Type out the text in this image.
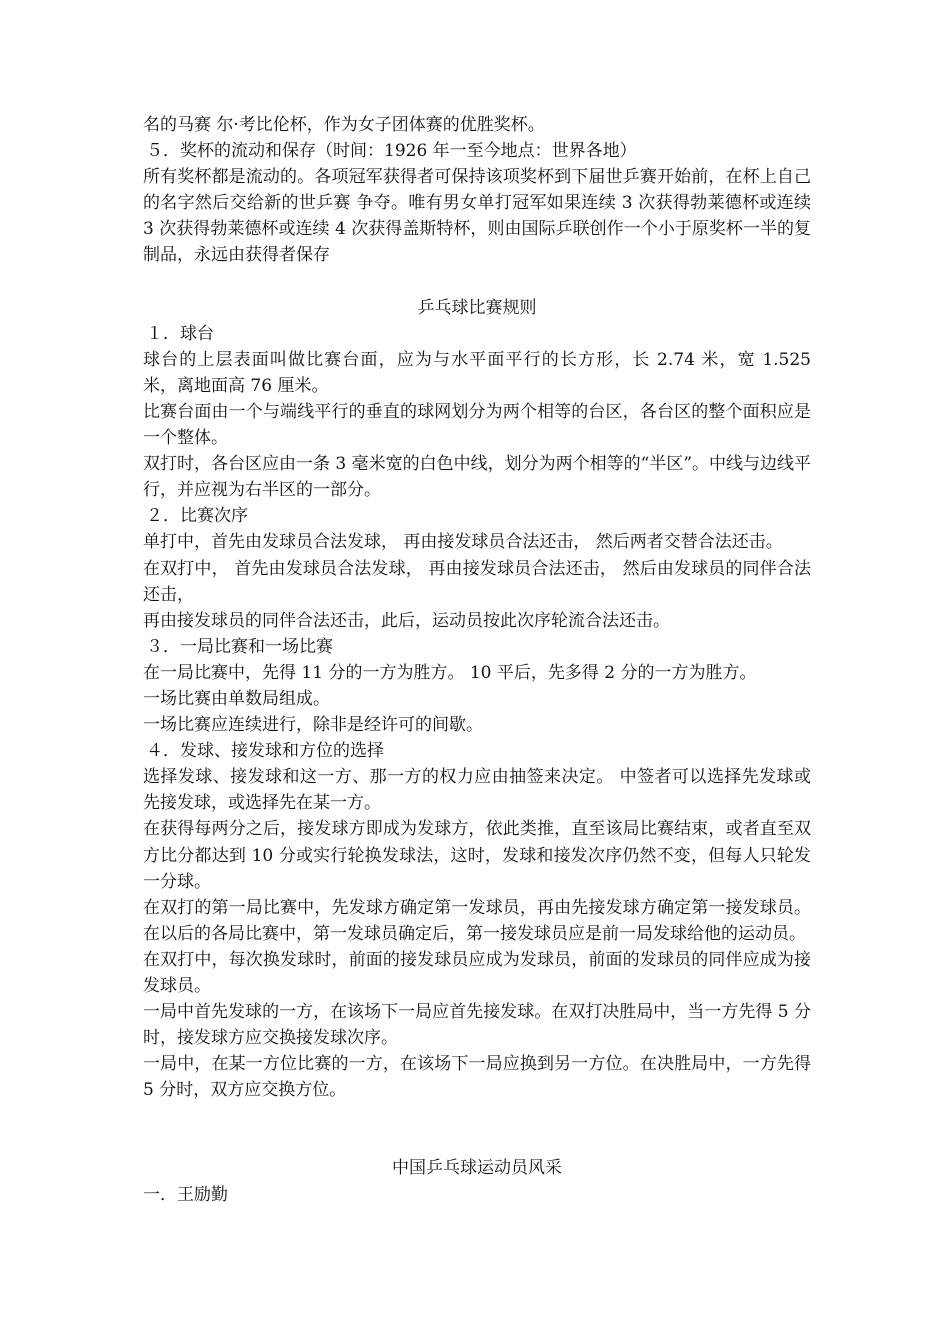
名的马赛 尔·考比伦杯，作为女子团体赛的优胜奖杯。

５．奖杯的流动和保存（时间：1926 年一至今地点：世界各地）

所有奖杯都是流动的。各项冠军获得者可保持该项奖杯到下届世乒赛开始前，在杯上自己的名字然后交给新的世乒赛 争夺。唯有男女单打冠军如果连续 3 次获得勃莱德杯或连续 3 次获得勃莱德杯或连续 4 次获得盖斯特杯，则由国际乒联创作一个小于原奖杯一半的复制品，永远由获得者保存

乒乓球比赛规则

１．球台

球台的上层表面叫做比赛台面，应为与水平面平行的长方形，长 2.74 米，宽 1.525 米，离地面高 76 厘米。

比赛台面由一个与端线平行的垂直的球网划分为两个相等的台区，各台区的整个面积应是一个整体。

双打时，各台区应由一条 3 毫米宽的白色中线，划分为两个相等的“半区”。中线与边线平行，并应视为右半区的一部分。

２．比赛次序

单打中，首先由发球员合法发球， 再由接发球员合法还击， 然后两者交替合法还击。

在双打中， 首先由发球员合法发球， 再由接发球员合法还击， 然后由发球员的同伴合法还击，

再由接发球员的同伴合法还击，此后，运动员按此次序轮流合法还击。

３．一局比赛和一场比赛

在一局比赛中，先得 11 分的一方为胜方。 10 平后，先多得 2 分的一方为胜方。

一场比赛由单数局组成。

一场比赛应连续进行，除非是经许可的间歇。

４．发球、接发球和方位的选择

选择发球、接发球和这一方、那一方的权力应由抽签来决定。 中签者可以选择先发球或先接发球，或选择先在某一方。

在获得每两分之后，接发球方即成为发球方，依此类推，直至该局比赛结束，或者直至双方比分都达到 10 分或实行轮换发球法，这时，发球和接发次序仍然不变，但每人只轮发一分球。

在双打的第一局比赛中，先发球方确定第一发球员，再由先接发球方确定第一接发球员。在以后的各局比赛中，第一发球员确定后，第一接发球员应是前一局发球给他的运动员。

在双打中，每次换发球时，前面的接发球员应成为发球员，前面的发球员的同伴应成为接发球员。

一局中首先发球的一方，在该场下一局应首先接发球。在双打决胜局中，当一方先得 5 分时，接发球方应交换接发球次序。

一局中，在某一方位比赛的一方，在该场下一局应换到另一方位。在决胜局中，一方先得 5 分时，双方应交换方位。

中国乒乓球运动员风采

一．王励勤
